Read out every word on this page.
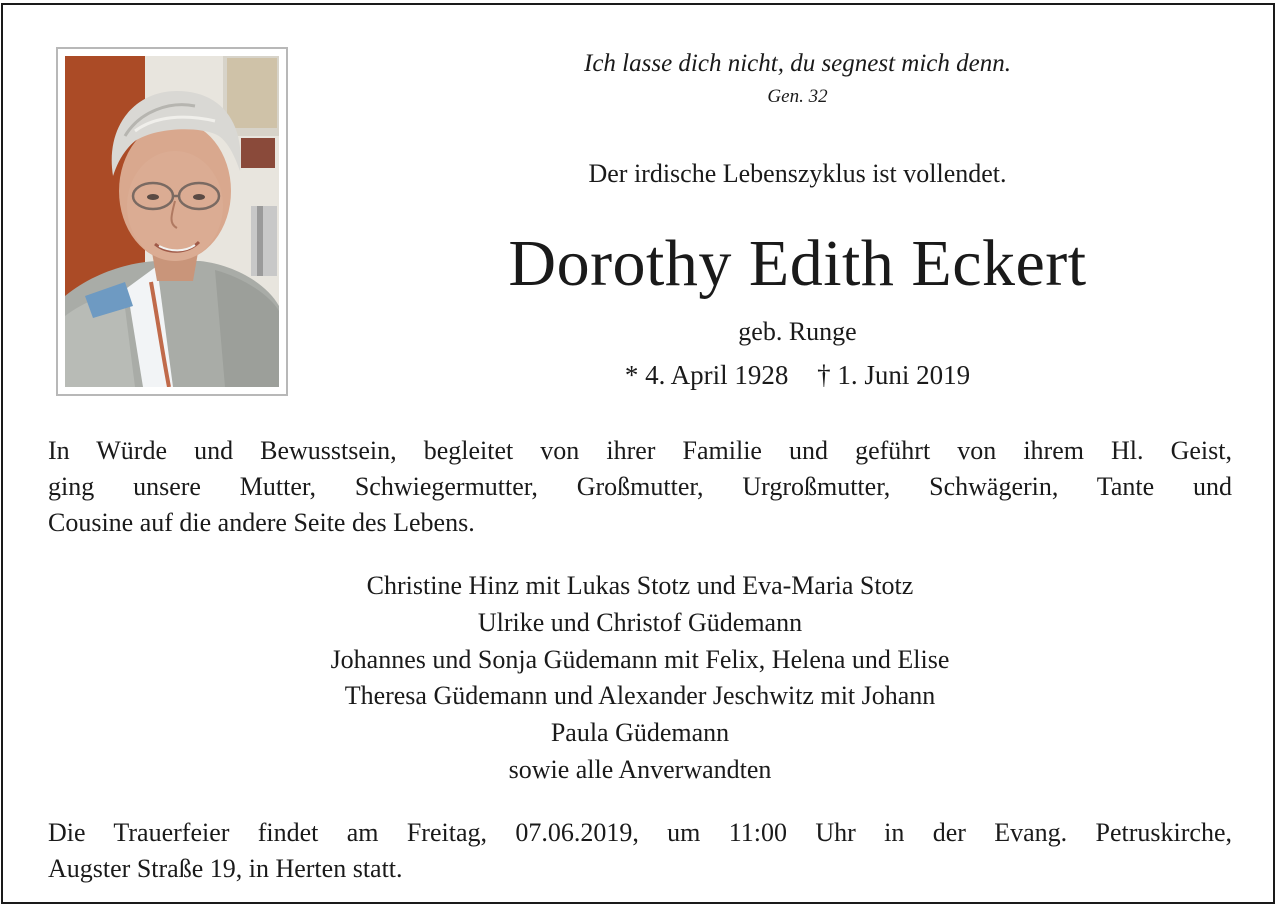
Ich lasse dich nicht, du segnest mich denn.
Gen. 32
Der irdische Lebenszyklus ist vollendet.
Dorothy Edith Eckert
geb. Runge
* 4. April 1928 † 1. Juni 2019
In Würde und Bewusstsein, begleitet von ihrer Familie und geführt von ihrem Hl. Geist,
ging unsere Mutter, Schwiegermutter, Großmutter, Urgroßmutter, Schwägerin, Tante und
Cousine auf die andere Seite des Lebens.
Christine Hinz mit Lukas Stotz und Eva-Maria Stotz
Ulrike und Christof Güdemann
Johannes und Sonja Güdemann mit Felix, Helena und Elise
Theresa Güdemann und Alexander Jeschwitz mit Johann
Paula Güdemann
sowie alle Anverwandten
Die Trauerfeier findet am Freitag, 07.06.2019, um 11:00 Uhr in der Evang. Petruskirche,
Augster Straße 19, in Herten statt.
